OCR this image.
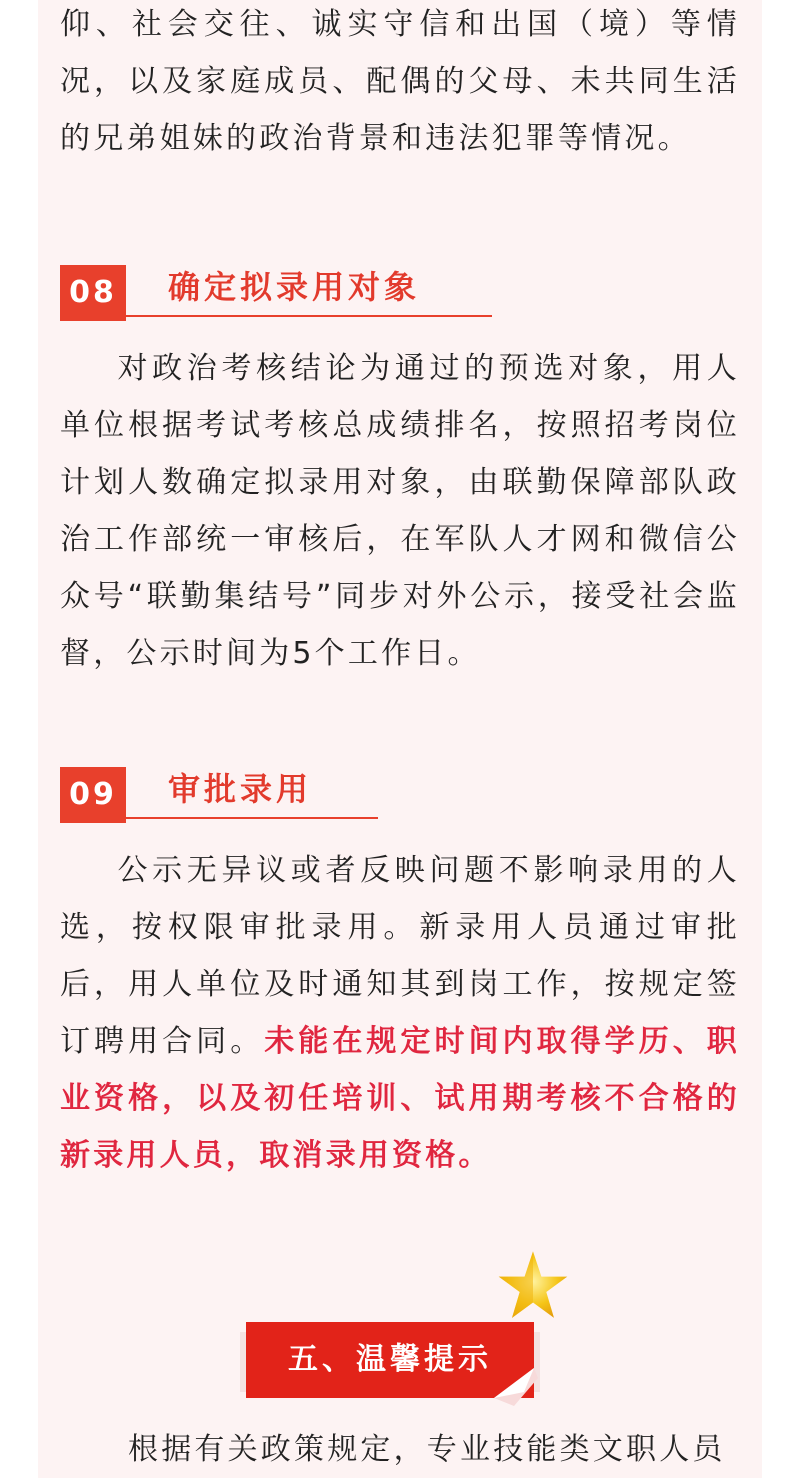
仰、社会交往、诚实守信和出国（境）等情况，以及家庭成员、配偶的父母、未共同生活的兄弟姐妹的政治背景和违法犯罪等情况。

08 确定拟录用对象

对政治考核结论为通过的预选对象，用人单位根据考试考核总成绩排名，按照招考岗位计划人数确定拟录用对象，由联勤保障部队政治工作部统一审核后，在军队人才网和微信公众号“联勤集结号”同步对外公示，接受社会监督，公示时间为5个工作日。

09 审批录用

公示无异议或者反映问题不影响录用的人选，按权限审批录用。新录用人员通过审批后，用人单位及时通知其到岗工作，按规定签订聘用合同。未能在规定时间内取得学历、职业资格，以及初任培训、试用期考核不合格的新录用人员，取消录用资格。

五、温馨提示

根据有关政策规定，专业技能类文职人员
